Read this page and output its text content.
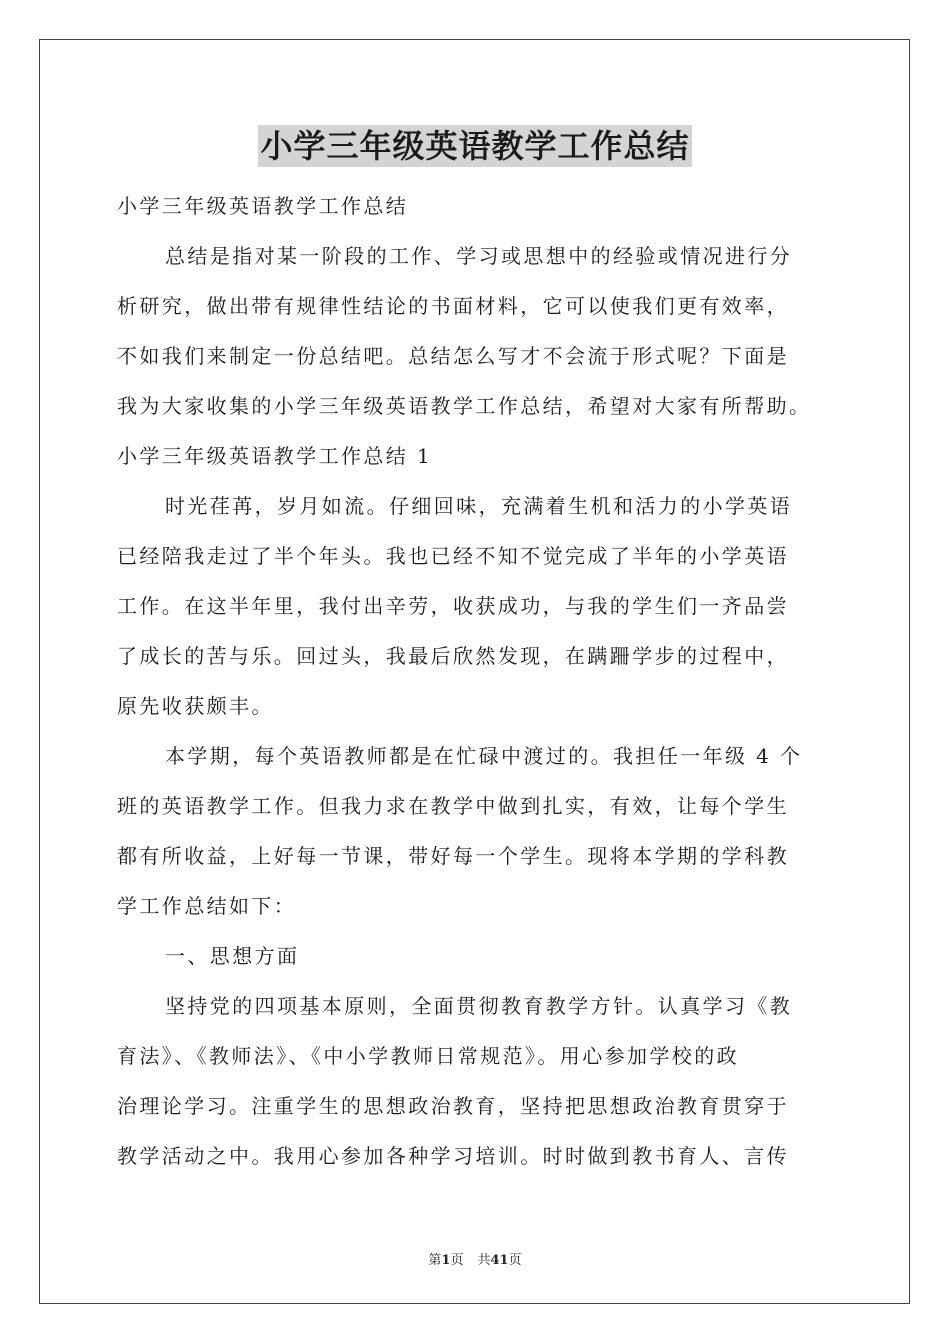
小学三年级英语教学工作总结
小学三年级英语教学工作总结
总结是指对某一阶段的工作、学习或思想中的经验或情况进行分
析研究，做出带有规律性结论的书面材料，它可以使我们更有效率，
不如我们来制定一份总结吧。总结怎么写才不会流于形式呢？下面是
我为大家收集的小学三年级英语教学工作总结，希望对大家有所帮助。
小学三年级英语教学工作总结 1
时光荏苒，岁月如流。仔细回味，充满着生机和活力的小学英语
已经陪我走过了半个年头。我也已经不知不觉完成了半年的小学英语
工作。在这半年里，我付出辛劳，收获成功，与我的学生们一齐品尝
了成长的苦与乐。回过头，我最后欣然发现，在蹒跚学步的过程中，
原先收获颇丰。
本学期，每个英语教师都是在忙碌中渡过的。我担任一年级 4 个
班的英语教学工作。但我力求在教学中做到扎实，有效，让每个学生
都有所收益，上好每一节课，带好每一个学生。现将本学期的学科教
学工作总结如下：
一、思想方面
坚持党的四项基本原则，全面贯彻教育教学方针。认真学习《教
育法》、《教师法》、《中小学教师日常规范》。用心参加学校的政
治理论学习。注重学生的思想政治教育，坚持把思想政治教育贯穿于
教学活动之中。我用心参加各种学习培训。时时做到教书育人、言传
第1页 共41页
